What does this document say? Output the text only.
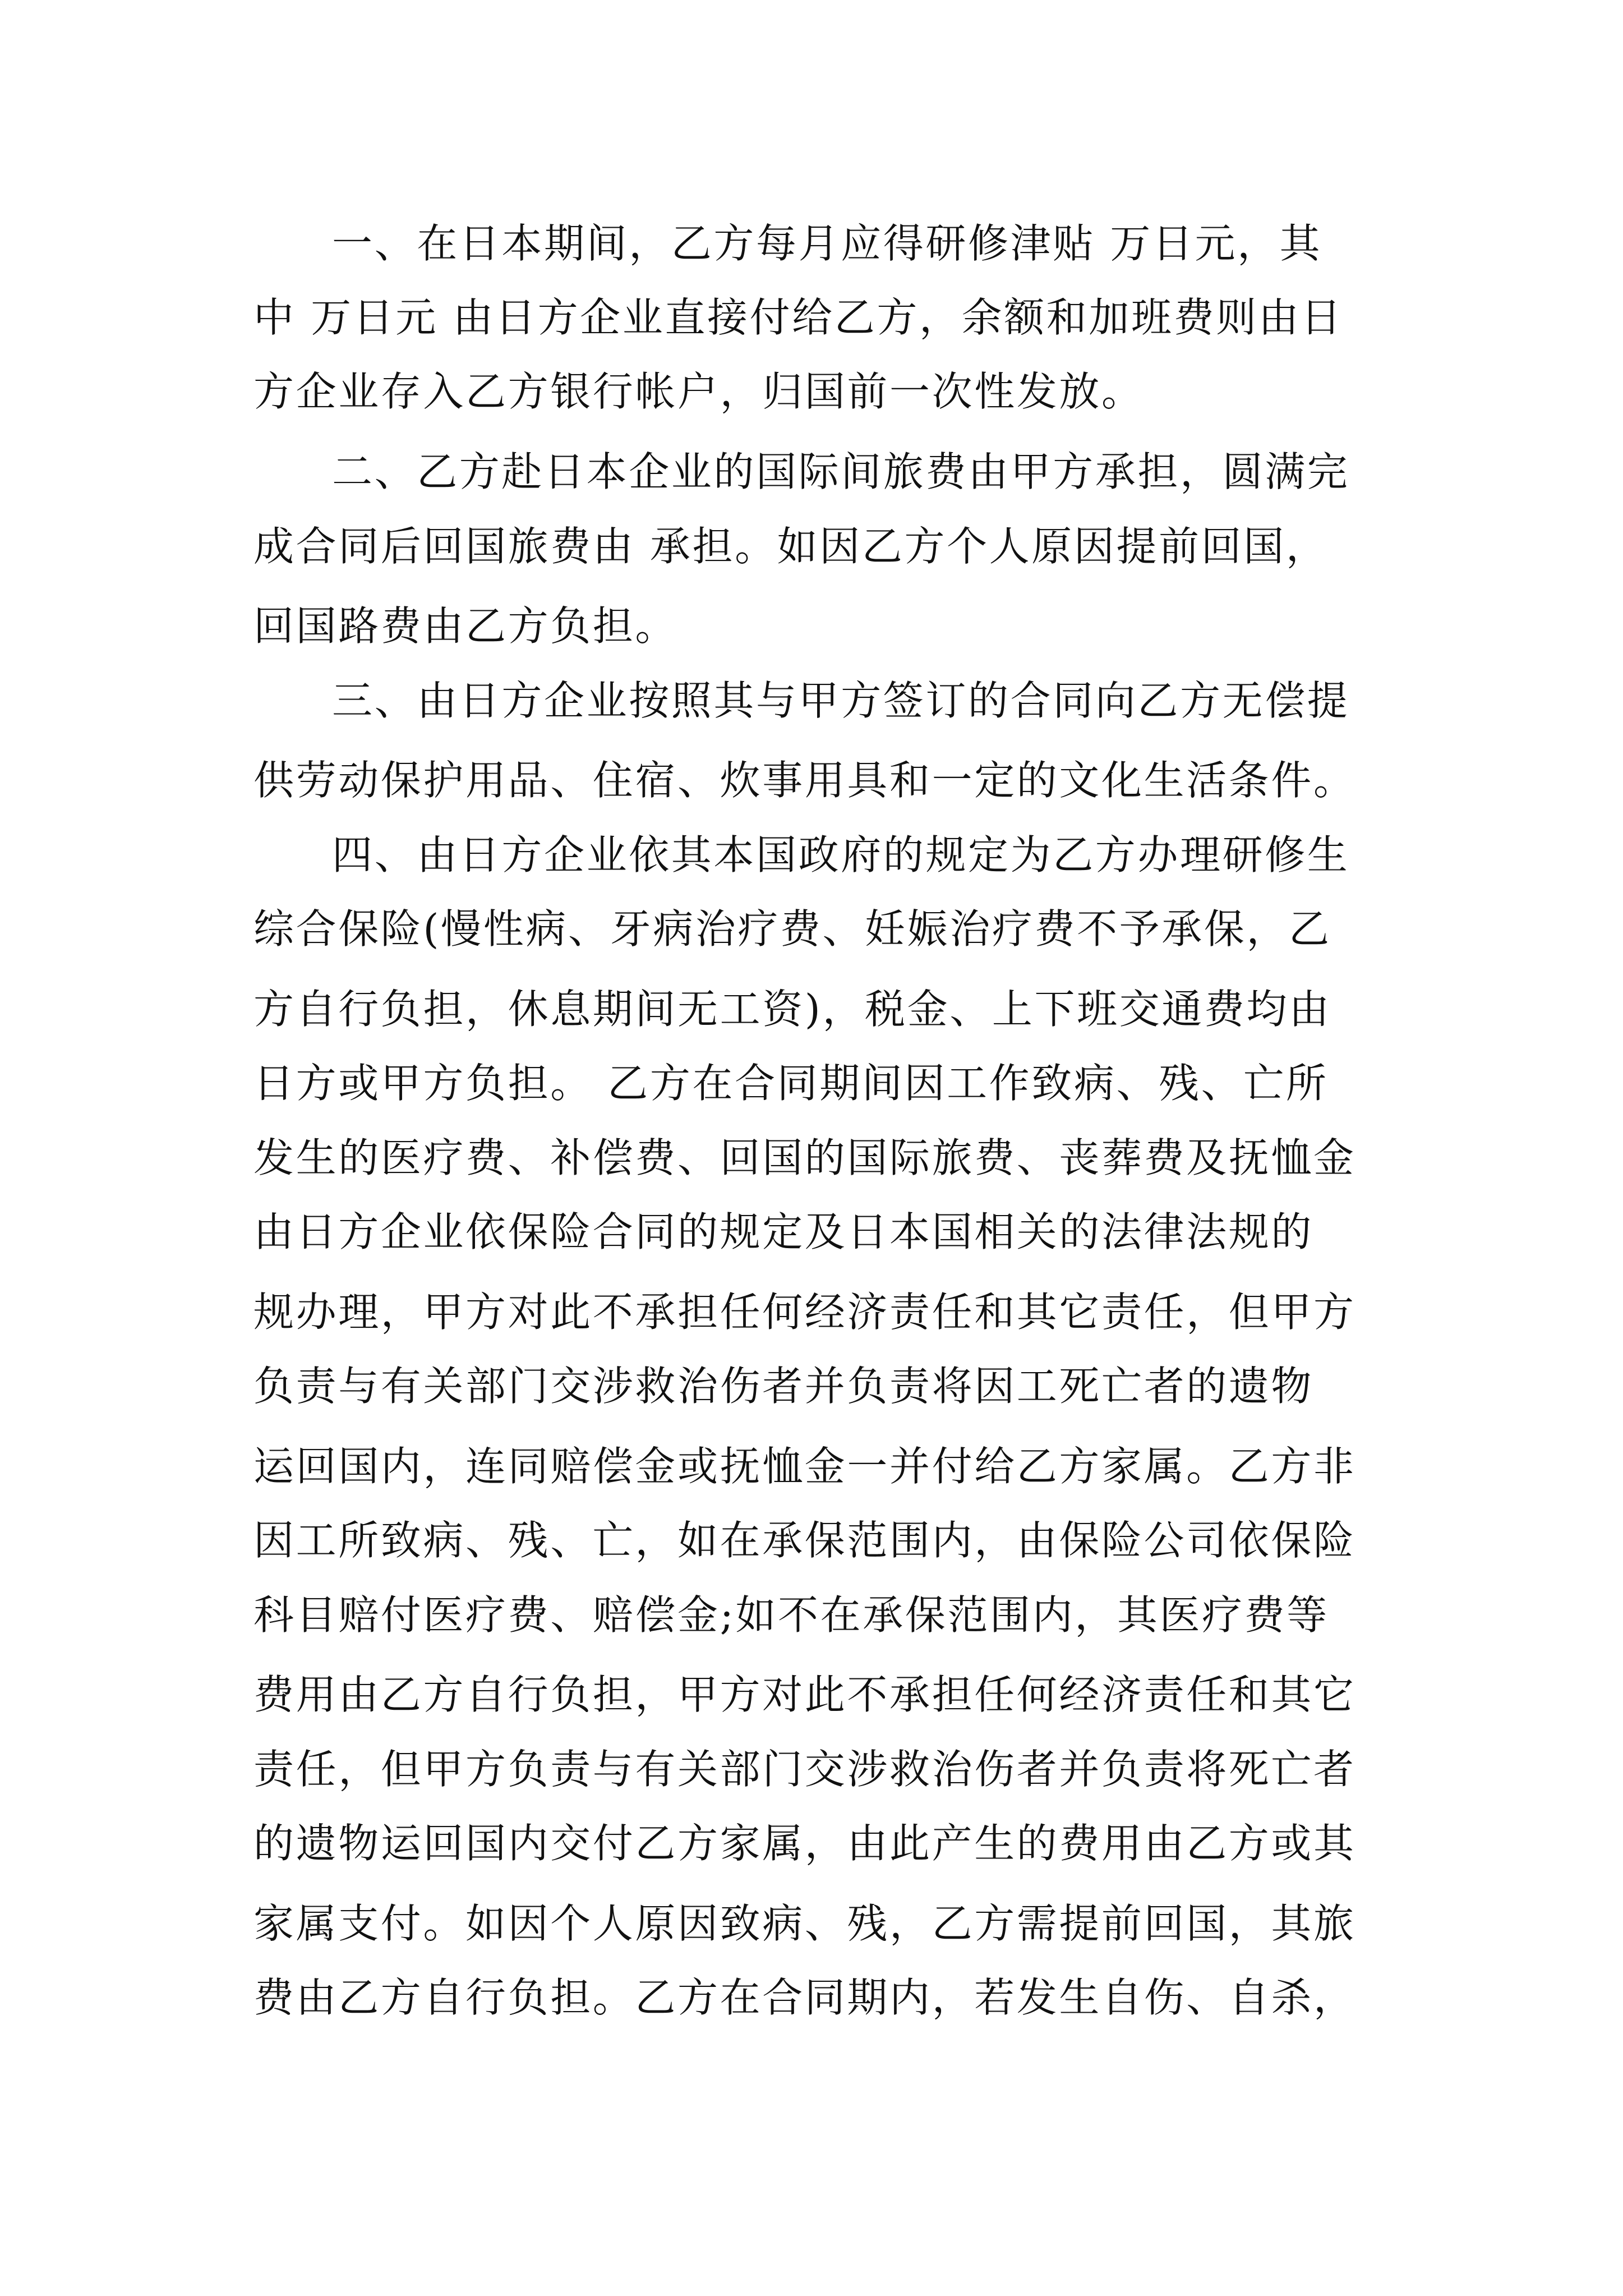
一、在日本期间，乙方每月应得研修津贴 万日元，其
中 万日元 由日方企业直接付给乙方，余额和加班费则由日
方企业存入乙方银行帐户，归国前一次性发放。
二、乙方赴日本企业的国际间旅费由甲方承担，圆满完
成合同后回国旅费由 承担。如因乙方个人原因提前回国，
回国路费由乙方负担。
三、由日方企业按照其与甲方签订的合同向乙方无偿提
供劳动保护用品、住宿、炊事用具和一定的文化生活条件。
四、由日方企业依其本国政府的规定为乙方办理研修生
综合保险(慢性病、牙病治疗费、妊娠治疗费不予承保，乙
方自行负担，休息期间无工资)，税金、上下班交通费均由
日方或甲方负担。 乙方在合同期间因工作致病、残、亡所
发生的医疗费、补偿费、回国的国际旅费、丧葬费及抚恤金
由日方企业依保险合同的规定及日本国相关的法律法规的
规办理，甲方对此不承担任何经济责任和其它责任，但甲方
负责与有关部门交涉救治伤者并负责将因工死亡者的遗物
运回国内，连同赔偿金或抚恤金一并付给乙方家属。乙方非
因工所致病、残、亡，如在承保范围内，由保险公司依保险
科目赔付医疗费、赔偿金;如不在承保范围内，其医疗费等
费用由乙方自行负担，甲方对此不承担任何经济责任和其它
责任，但甲方负责与有关部门交涉救治伤者并负责将死亡者
的遗物运回国内交付乙方家属，由此产生的费用由乙方或其
家属支付。如因个人原因致病、残，乙方需提前回国，其旅
费由乙方自行负担。乙方在合同期内，若发生自伤、自杀，
